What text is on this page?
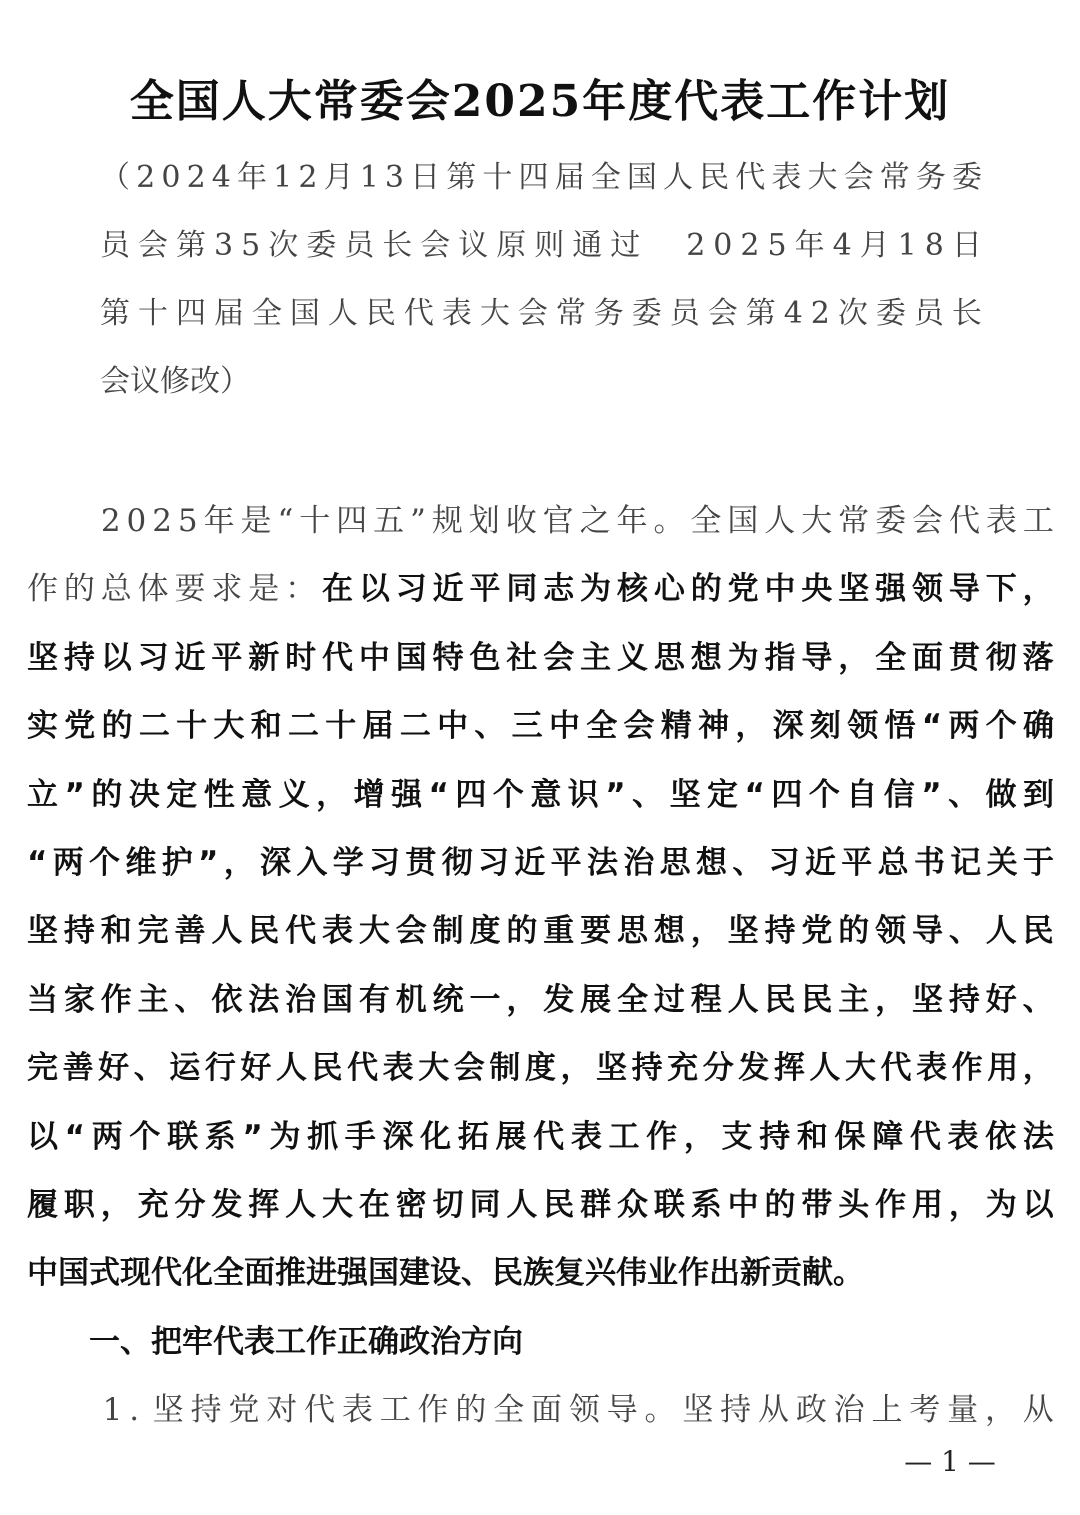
全国人大常委会2025年度代表工作计划
（ 2 0 2 4 年 1 2 月 1 3 日 第 十 四 届 全 国 人 民 代 表 大 会 常 务 委
员 会 第 3 5 次 委 员 长 会 议 原 则 通 过
　 2 0 2 5 年 4 月 1 8 日
第 十 四 届 全 国 人 民 代 表 大 会 常 务 委 员 会 第 4 2 次 委 员 长
会 议 修 改 ）

2 0 2 5 年 是 “ 十 四 五 ” 规 划 收 官 之 年 。 全 国 人 大 常 委 会 代 表 工
作 的 总 体 要 求 是 ： 在 以 习 近 平 同 志 为 核 心 的 党 中 央 坚 强 领 导 下 ，
坚 持 以 习 近 平 新 时 代 中 国 特 色 社 会 主 义 思 想 为 指 导 ， 全 面 贯 彻 落
实 党 的 二 十 大 和 二 十 届 二 中 、 三 中 全 会 精 神 ， 深 刻 领 悟 “ 两 个 确
立 ” 的 决 定 性 意 义 ， 增 强 “ 四 个 意 识 ” 、 坚 定 “ 四 个 自 信 ” 、 做 到
“ 两 个 维 护 ” ， 深 入 学 习 贯 彻 习 近 平 法 治 思 想 、 习 近 平 总 书 记 关 于
坚 持 和 完 善 人 民 代 表 大 会 制 度 的 重 要 思 想 ， 坚 持 党 的 领 导 、 人 民
当 家 作 主 、 依 法 治 国 有 机 统 一 ， 发 展 全 过 程 人 民 民 主 ， 坚 持 好 、
完 善 好 、 运 行 好 人 民 代 表 大 会 制 度 ， 坚 持 充 分 发 挥 人 大 代 表 作 用 ，
以 “ 两 个 联 系 ” 为 抓 手 深 化 拓 展 代 表 工 作 ， 支 持 和 保 障 代 表 依 法
履 职 ， 充 分 发 挥 人 大 在 密 切 同 人 民 群 众 联 系 中 的 带 头 作 用 ， 为 以
中 国 式 现 代 化 全 面 推 进 强 国 建 设 、 民 族 复 兴 伟 业 作 出 新 贡 献 。

一 、 把 牢 代 表 工 作 正 确 政 治 方 向

1 . 坚 持 党 对 代 表 工 作 的 全 面 领 导 。 坚 持 从 政 治 上 考 量 ， 从
— 1 —
